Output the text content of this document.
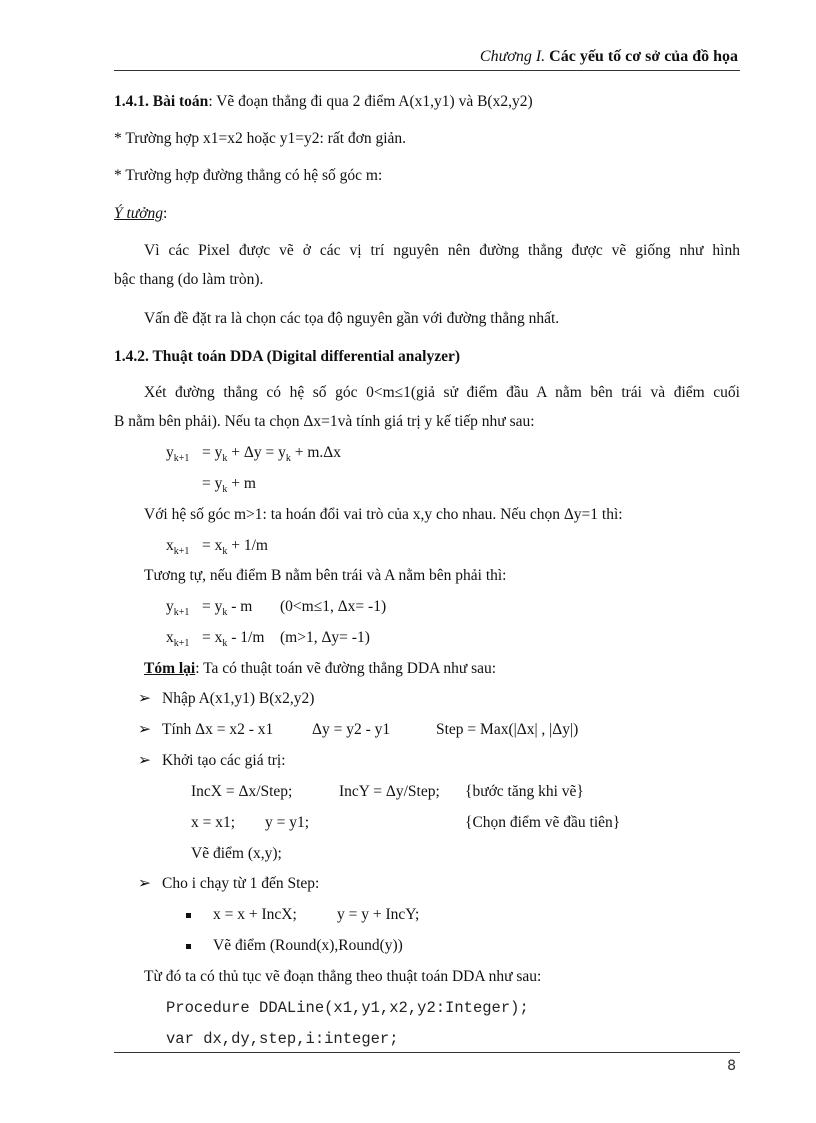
Chương I. Các yếu tố cơ sở của đồ họa
1.4.1. Bài toán: Vẽ đoạn thẳng đi qua 2 điểm A(x1,y1) và B(x2,y2)
* Trường hợp x1=x2 hoặc y1=y2: rất đơn giản.
* Trường hợp đường thẳng có hệ số góc m:
Ý tưởng:
Vì các Pixel được vẽ ở các vị trí nguyên nên đường thẳng được vẽ giống như hình
bậc thang (do làm tròn).
Vấn đề đặt ra là chọn các tọa độ nguyên gần với đường thẳng nhất.
1.4.2. Thuật toán DDA (Digital differential analyzer)
Xét đường thẳng có hệ số góc 0<m≤1(giả sử điểm đầu A nằm bên trái và điểm cuối
B nằm bên phải). Nếu ta chọn Δx=1và tính giá trị y kế tiếp như sau:
$y_{k+1} = y_k + \Delta y = y_k + m.\Delta x$
= $y_k + m$
Với hệ số góc m>1: ta hoán đổi vai trò của x,y cho nhau. Nếu chọn Δy=1 thì:
$x_{k+1} = x_k + 1/m$
Tương tự, nếu điểm B nằm bên trái và A nằm bên phải thì:
$y_{k+1} = y_k - m$ (0<m≤1, Δx= -1)
$x_{k+1} = x_k - 1/m$ (m>1, Δy= -1)
Tóm lại: Ta có thuật toán vẽ đường thẳng DDA như sau:
➢ Nhập A(x1,y1) B(x2,y2)
➢ Tính Δx = x2 - x1 Δy = y2 - y1	Step = Max(|Δx| , |Δy|)
➢ Khởi tạo các giá trị:
IncX = Δx/Step;	IncY = Δy/Step; {bước tăng khi vẽ}
x = x1; y = y1;	{Chọn điểm vẽ đầu tiên}
Vẽ điểm (x,y);
➢ Cho i chạy từ 1 đến Step:
x = x + IncX;	y = y + IncY;
Vẽ điểm (Round(x),Round(y))
Từ đó ta có thủ tục vẽ đoạn thẳng theo thuật toán DDA như sau:
Procedure DDALine(x1,y1,x2,y2:Integer);
var dx,dy,step,i:integer;
8
